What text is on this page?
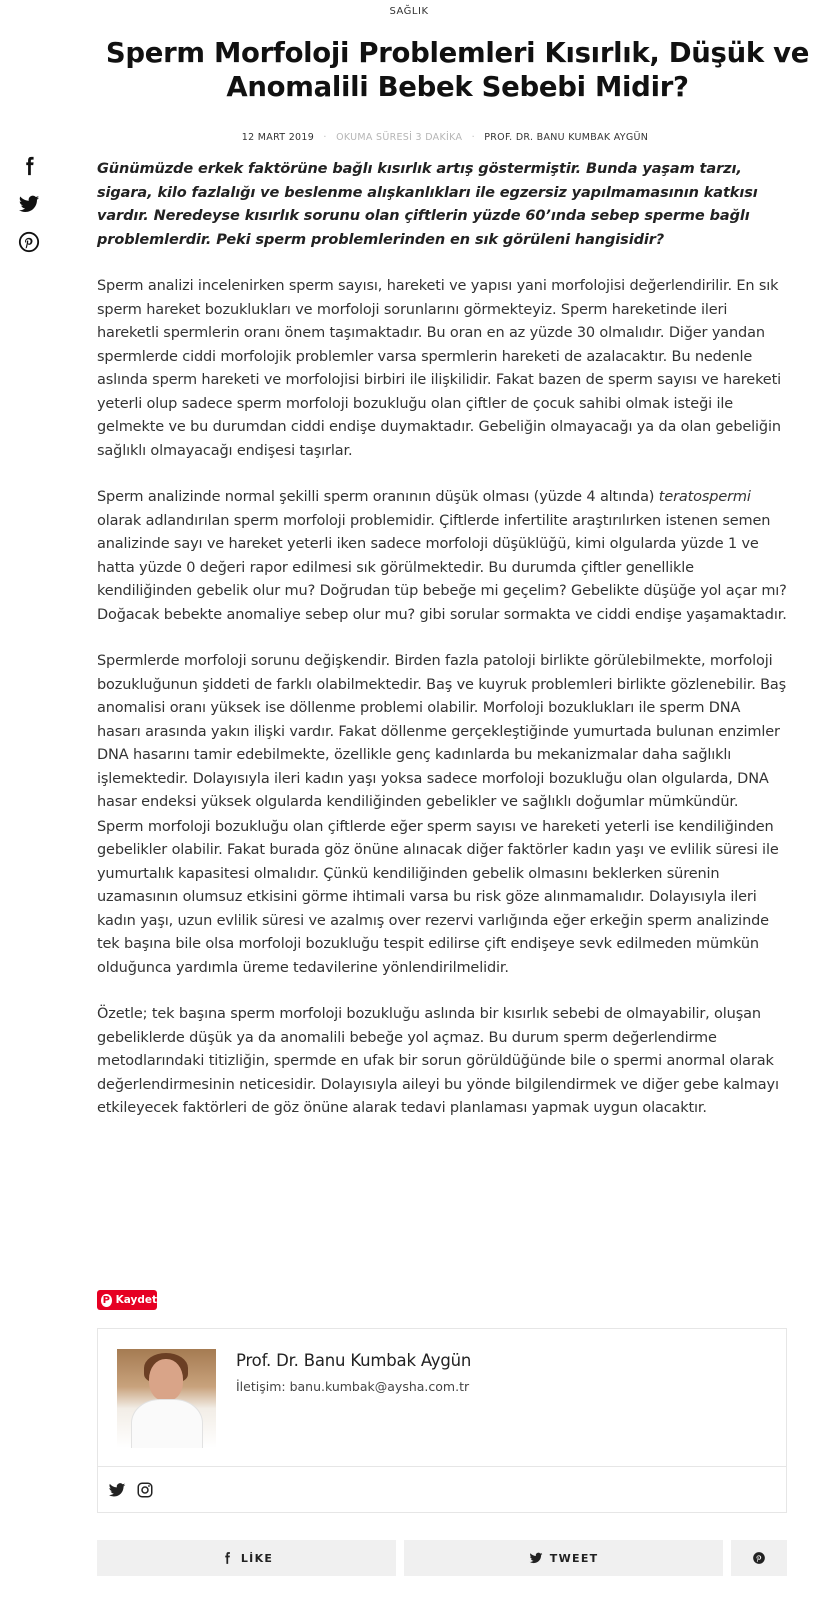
SAĞLIK
Sperm Morfoloji Problemleri Kısırlık, Düşük ve Anomalili Bebek Sebebi Midir?
12 MART 2019 · OKUMA SÜRESİ 3 DAKİKA · PROF. DR. BANU KUMBAK AYGÜN

Günümüzde erkek faktörüne bağlı kısırlık artış göstermiştir. Bunda yaşam tarzı, sigara, kilo fazlalığı ve beslenme alışkanlıkları ile egzersiz yapılmamasının katkısı vardır. Neredeyse kısırlık sorunu olan çiftlerin yüzde 60’ında sebep sperme bağlı problemlerdir. Peki sperm problemlerinden en sık görüleni hangisidir?

Sperm analizi incelenirken sperm sayısı, hareketi ve yapısı yani morfolojisi değerlendirilir. En sık sperm hareket bozuklukları ve morfoloji sorunlarını görmekteyiz. Sperm hareketinde ileri hareketli spermlerin oranı önem taşımaktadır. Bu oran en az yüzde 30 olmalıdır. Diğer yandan spermlerde ciddi morfolojik problemler varsa spermlerin hareketi de azalacaktır. Bu nedenle aslında sperm hareketi ve morfolojisi birbiri ile ilişkilidir. Fakat bazen de sperm sayısı ve hareketi yeterli olup sadece sperm morfoloji bozukluğu olan çiftler de çocuk sahibi olmak isteği ile gelmekte ve bu durumdan ciddi endişe duymaktadır. Gebeliğin olmayacağı ya da olan gebeliğin sağlıklı olmayacağı endişesi taşırlar.

Sperm analizinde normal şekilli sperm oranının düşük olması (yüzde 4 altında) teratospermi olarak adlandırılan sperm morfoloji problemidir. Çiftlerde infertilite araştırılırken istenen semen analizinde sayı ve hareket yeterli iken sadece morfoloji düşüklüğü, kimi olgularda yüzde 1 ve hatta yüzde 0 değeri rapor edilmesi sık görülmektedir. Bu durumda çiftler genellikle kendiliğinden gebelik olur mu? Doğrudan tüp bebeğe mi geçelim? Gebelikte düşüğe yol açar mı? Doğacak bebekte anomaliye sebep olur mu? gibi sorular sormakta ve ciddi endişe yaşamaktadır.

Spermlerde morfoloji sorunu değişkendir. Birden fazla patoloji birlikte görülebilmekte, morfoloji bozukluğunun şiddeti de farklı olabilmektedir. Baş ve kuyruk problemleri birlikte gözlenebilir. Baş anomalisi oranı yüksek ise döllenme problemi olabilir. Morfoloji bozuklukları ile sperm DNA hasarı arasında yakın ilişki vardır. Fakat döllenme gerçekleştiğinde yumurtada bulunan enzimler DNA hasarını tamir edebilmekte, özellikle genç kadınlarda bu mekanizmalar daha sağlıklı işlemektedir. Dolayısıyla ileri kadın yaşı yoksa sadece morfoloji bozukluğu olan olgularda, DNA hasar endeksi yüksek olgularda kendiliğinden gebelikler ve sağlıklı doğumlar mümkündür.

Sperm morfoloji bozukluğu olan çiftlerde eğer sperm sayısı ve hareketi yeterli ise kendiliğinden gebelikler olabilir. Fakat burada göz önüne alınacak diğer faktörler kadın yaşı ve evlilik süresi ile yumurtalık kapasitesi olmalıdır. Çünkü kendiliğinden gebelik olmasını beklerken sürenin uzamasının olumsuz etkisini görme ihtimali varsa bu risk göze alınmamalıdır. Dolayısıyla ileri kadın yaşı, uzun evlilik süresi ve azalmış over rezervi varlığında eğer erkeğin sperm analizinde tek başına bile olsa morfoloji bozukluğu tespit edilirse çift endişeye sevk edilmeden mümkün olduğunca yardımla üreme tedavilerine yönlendirilmelidir.

Özetle; tek başına sperm morfoloji bozukluğu aslında bir kısırlık sebebi de olmayabilir, oluşan gebeliklerde düşük ya da anomalili bebeğe yol açmaz. Bu durum sperm değerlendirme metodlarındaki titizliğin, spermde en ufak bir sorun görüldüğünde bile o spermi anormal olarak değerlendirmesinin neticesidir. Dolayısıyla aileyi bu yönde bilgilendirmek ve diğer gebe kalmayı etkileyecek faktörleri de göz önüne alarak tedavi planlaması yapmak uygun olacaktır.

P Kaydet
Prof. Dr. Banu Kumbak Aygün
İletişim: banu.kumbak@aysha.com.tr
LİKE	TWEET
